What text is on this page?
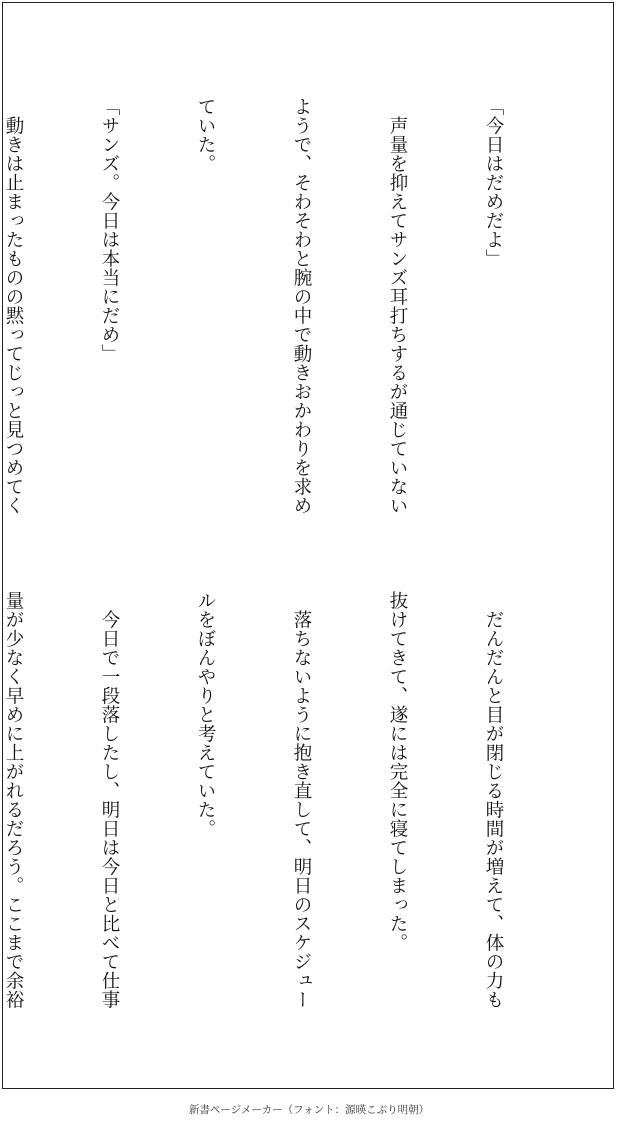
「今日はだめだよ」

　声量を抑えてサンズ耳打ちするが通じていない

ようで、そわそわと腕の中で動きおかわりを求め

ていた。

「サンズ。今日は本当にだめ」

　動きは止まったものの黙ってじっと見つめてく

　だんだんと目が閉じる時間が増えて、体の力も

抜けてきて、遂には完全に寝てしまった。

　落ちないように抱き直して、明日のスケジュー

ルをぼんやりと考えていた。

　今日で一段落したし、明日は今日と比べて仕事

量が少なく早めに上がれるだろう。ここまで余裕

新書ページメーカー（フォント：源暎こぶり明朝）
